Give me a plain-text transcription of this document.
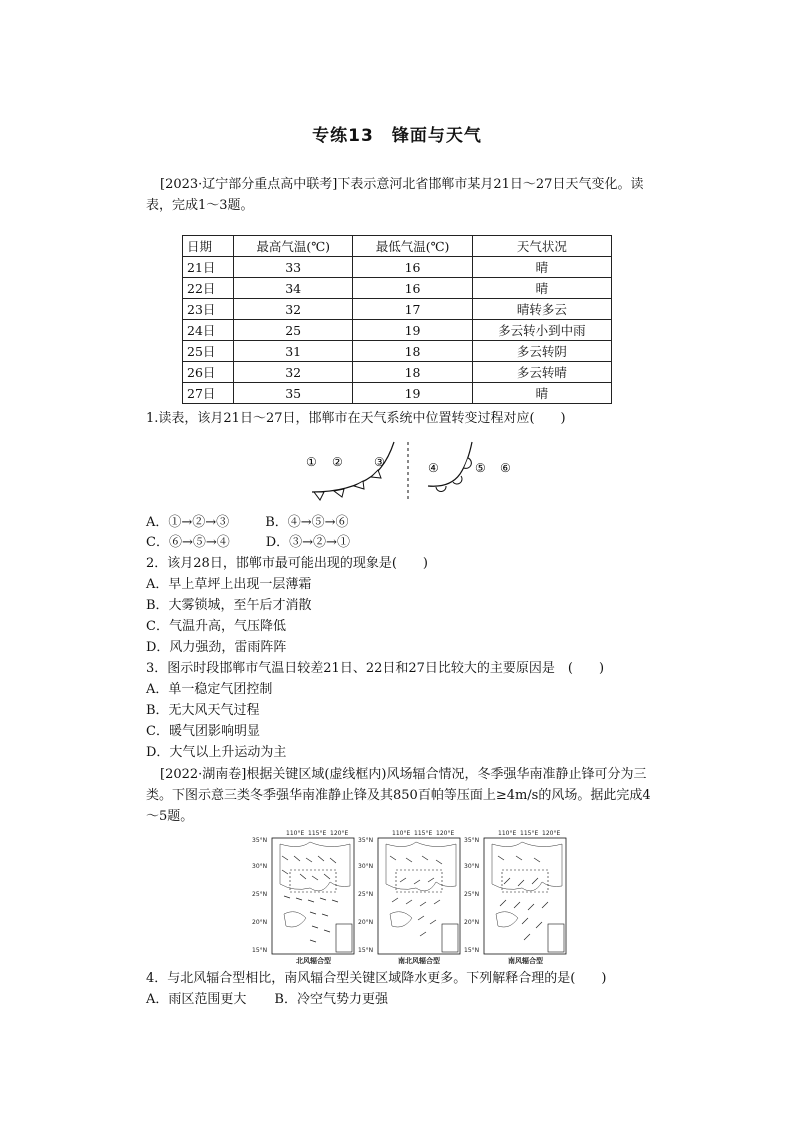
专练13　锋面与天气
[2023·辽宁部分重点高中联考]下表示意河北省邯郸市某月21日～27日天气变化。读表，完成1～3题。
日期	最高气温(℃)	最低气温(℃)	天气状况
21日	33	16	晴
22日	34	16	晴
23日	32	17	晴转多云
24日	25	19	多云转小到中雨
25日	31	18	多云转阴
26日	32	18	多云转晴
27日	35	19	晴
1.读表，该月21日～27日，邯郸市在天气系统中位置转变过程对应(　　)
① ②	③	④	⑤ ⑥
A．①→②→③	B．④→⑤→⑥
C．⑥→⑤→④	D．③→②→①
2．该月28日，邯郸市最可能出现的现象是(　　)
A．早上草坪上出现一层薄霜
B．大雾锁城，至午后才消散
C．气温升高，气压降低
D．风力强劲，雷雨阵阵
3．图示时段邯郸市气温日较差21日、22日和27日比较大的主要原因是　(　　)
A．单一稳定气团控制
B．无大风天气过程
C．暖气团影响明显
D．大气以上升运动为主
[2022·湖南卷]根据关键区域(虚线框内)风场辐合情况，冬季强华南准静止锋可分为三类。下图示意三类冬季强华南准静止锋及其850百帕等压面上≥4m/s的风场。据此完成4～5题。
110°E 115°E 120°E	110°E 115°E 120°E	110°E 115°E 120°E
35°N
30°N
25°N
20°N
15°N
35°N
30°N
25°N
20°N
15°N
35°N
30°N
25°N
20°N
15°N
北风辐合型	南北风辐合型	南风辐合型
4．与北风辐合型相比，南风辐合型关键区域降水更多。下列解释合理的是(　　)
A．雨区范围更大 B．冷空气势力更强
